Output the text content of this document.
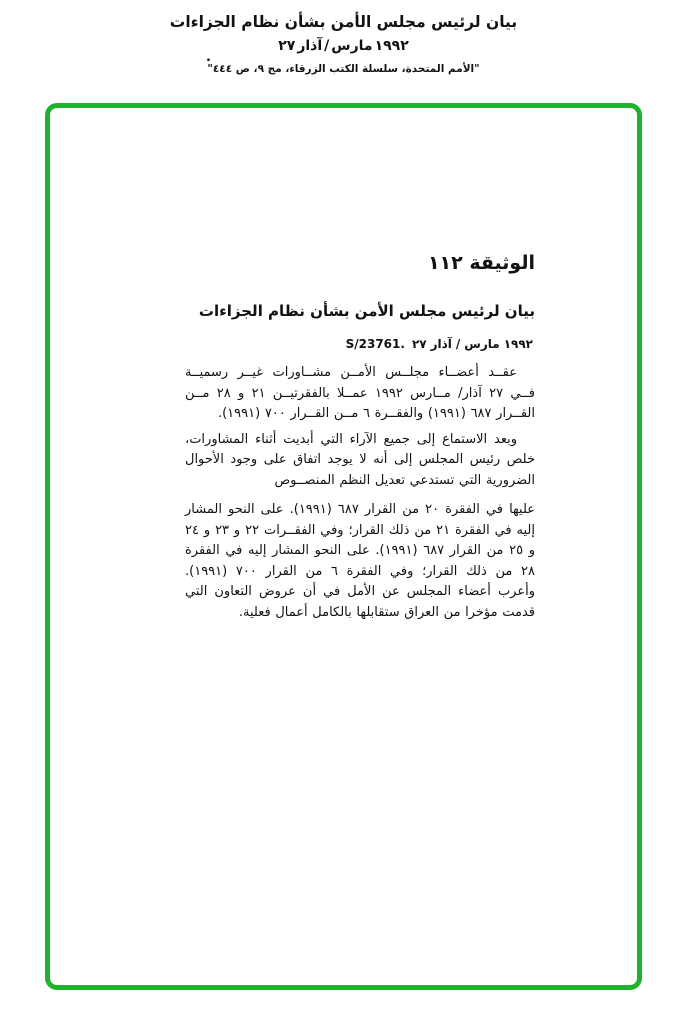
بيان لرئيس مجلس الأمن بشأن نظام الجزاءات
٢٧ آذار / مارس ١٩٩٢
"الأمم المتحدة، سلسلة الكتب الزرقاء، مج ٩، ص ٤٤٤"
.
الوثيقة ١١٢
بيان لرئيس مجلس الأمن بشأن نظام الجزاءات
S/23761. ٢٧ آذار / مارس ١٩٩٢

عقــد أعضــاء مجلــس الأمــن مشــاورات غيــر رسميــة فــي ٢٧ آذار/ مــارس ١٩٩٢ عمــلا بالفقرتيــن ٢١ و ٢٨ مــن القــرار ٦٨٧ (١٩٩١) والفقــرة ٦ مــن القــرار ٧٠٠ (١٩٩١).

وبعد الاستماع إلى جميع الآراء التي أبديت أثناء المشاورات، خلص رئيس المجلس إلى أنه لا يوجد اتفاق على وجود الأحوال الضرورية التي تستدعي تعديل النظم المنصــوص

عليها في الفقرة ٢٠ من القرار ٦٨٧ (١٩٩١). على النحو المشار إليه في الفقرة ٢١ من ذلك القرار؛ وفي الفقــرات ٢٢ و ٢٣ و ٢٤ و ٢٥ من القرار ٦٨٧ (١٩٩١). على النحو المشار إليه في الفقرة ٢٨ من ذلك القرار؛ وفي الفقرة ٦ من القرار ٧٠٠ (١٩٩١). وأعرب أعضاء المجلس عن الأمل في أن عروض التعاون التي قدمت مؤخرا من العراق ستقابلها بالكامل أعمال فعلية.
